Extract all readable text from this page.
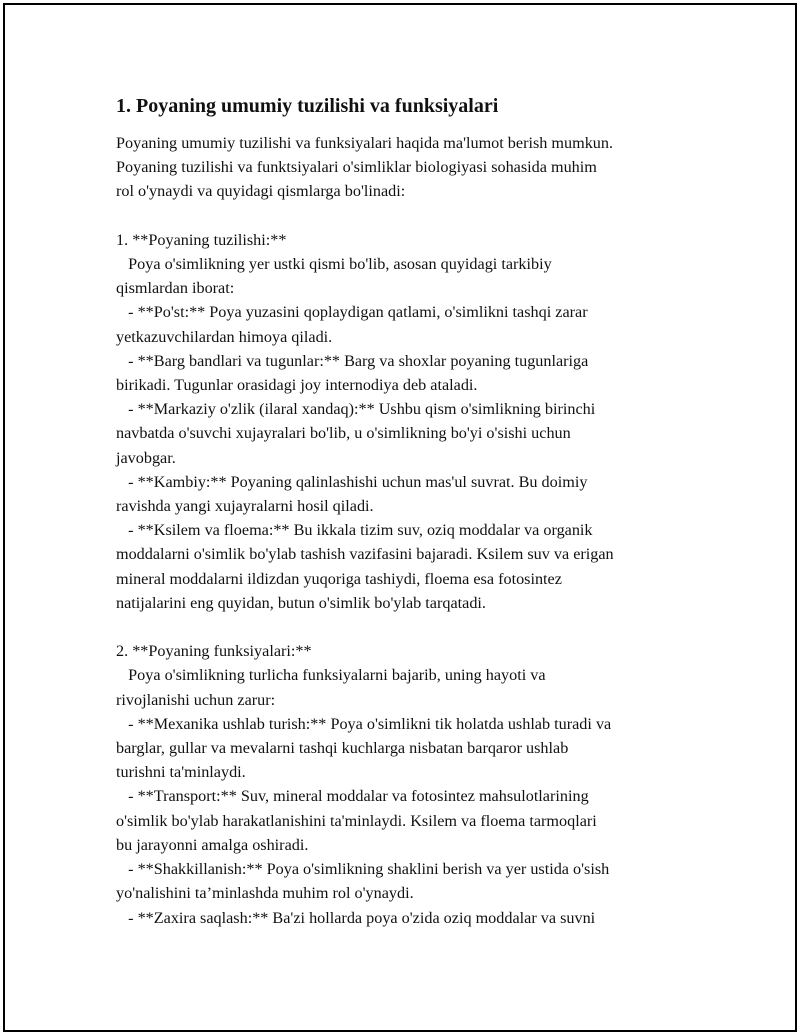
1. Poyaning umumiy tuzilishi va funksiyalari

Poyaning umumiy tuzilishi va funksiyalari haqida ma'lumot berish mumkun.
Poyaning tuzilishi va funktsiyalari o'simliklar biologiyasi sohasida muhim
rol o'ynaydi va quyidagi qismlarga bo'linadi:

1. **Poyaning tuzilishi:**
Poya o'simlikning yer ustki qismi bo'lib, asosan quyidagi tarkibiy
qismlardan iborat:
- **Po'st:** Poya yuzasini qoplaydigan qatlami, o'simlikni tashqi zarar
yetkazuvchilardan himoya qiladi.
- **Barg bandlari va tugunlar:** Barg va shoxlar poyaning tugunlariga
birikadi. Tugunlar orasidagi joy internodiya deb ataladi.
- **Markaziy o'zlik (ilaral xandaq):** Ushbu qism o'simlikning birinchi
navbatda o'suvchi xujayralari bo'lib, u o'simlikning bo'yi o'sishi uchun
javobgar.
- **Kambiy:** Poyaning qalinlashishi uchun mas'ul suvrat. Bu doimiy
ravishda yangi xujayralarni hosil qiladi.
- **Ksilem va floema:** Bu ikkala tizim suv, oziq moddalar va organik
moddalarni o'simlik bo'ylab tashish vazifasini bajaradi. Ksilem suv va erigan
mineral moddalarni ildizdan yuqoriga tashiydi, floema esa fotosintez
natijalarini eng quyidan, butun o'simlik bo'ylab tarqatadi.

2. **Poyaning funksiyalari:**
Poya o'simlikning turlicha funksiyalarni bajarib, uning hayoti va
rivojlanishi uchun zarur:
- **Mexanika ushlab turish:** Poya o'simlikni tik holatda ushlab turadi va
barglar, gullar va mevalarni tashqi kuchlarga nisbatan barqaror ushlab
turishni ta'minlaydi.
- **Transport:** Suv, mineral moddalar va fotosintez mahsulotlarining
o'simlik bo'ylab harakatlanishini ta'minlaydi. Ksilem va floema tarmoqlari
bu jarayonni amalga oshiradi.
- **Shakkillanish:** Poya o'simlikning shaklini berish va yer ustida o'sish
yo'nalishini ta’minlashda muhim rol o'ynaydi.
- **Zaxira saqlash:** Ba'zi hollarda poya o'zida oziq moddalar va suvni
